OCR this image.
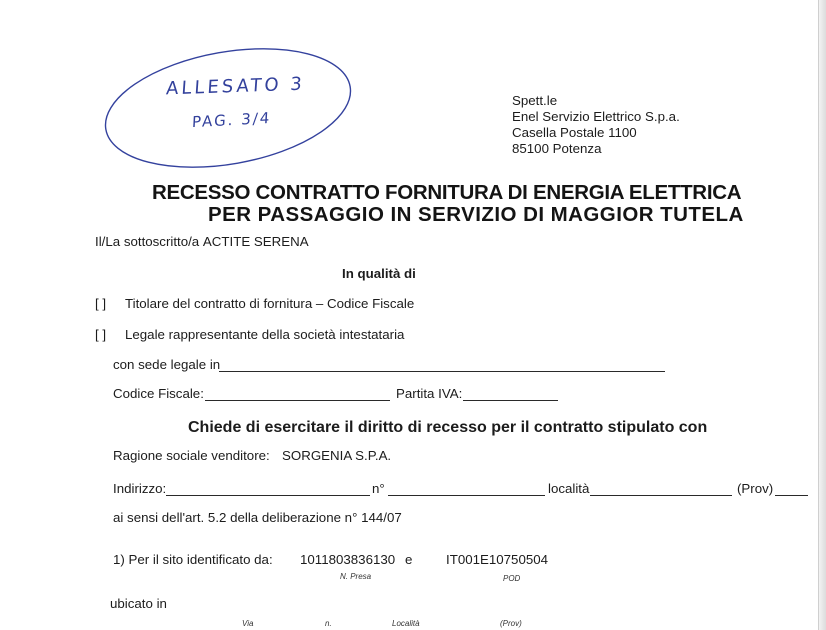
ALLESATO 3
PAG. 3/4
Spett.le
Enel Servizio Elettrico S.p.a.
Casella Postale 1100
85100 Potenza
RECESSO CONTRATTO FORNITURA DI ENERGIA ELETTRICA
PER PASSAGGIO IN SERVIZIO DI MAGGIOR TUTELA
Il/La sottoscritto/a ACTITE SERENA
In qualità di
[ ] Titolare del contratto di fornitura – Codice Fiscale
[ ] Legale rappresentante della società intestataria
con sede legale in
Codice Fiscale:	Partita IVA:
Chiede di esercitare il diritto di recesso per il contratto stipulato con
Ragione sociale venditore: SORGENIA S.P.A.
Indirizzo:	n°	località	(Prov)
ai sensi dell'art. 5.2 della deliberazione n° 144/07
1) Per il sito identificato da: 1011803836130 e	IT001E10750504
N. Presa	POD
ubicato in
Via	n.	Località	(Prov)
